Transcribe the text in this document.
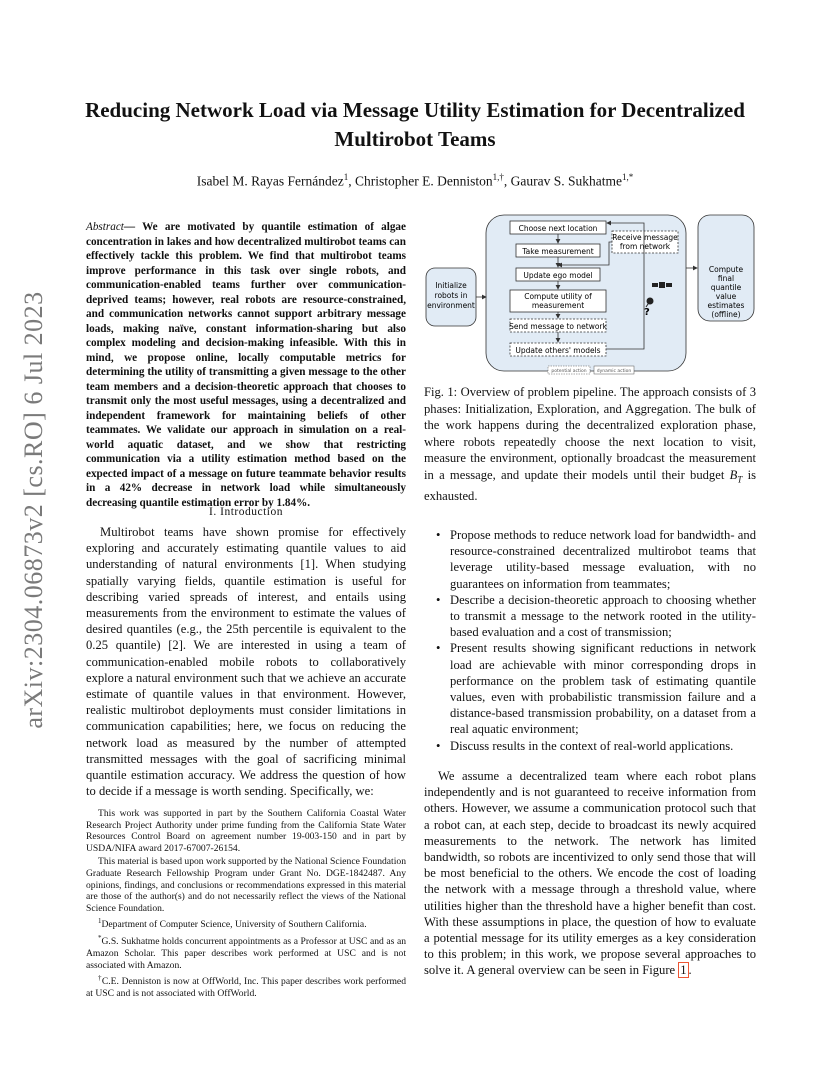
arXiv:2304.06873v2 [cs.RO] 6 Jul 2023
Reducing Network Load via Message Utility Estimation for Decentralized Multirobot Teams
Isabel M. Rayas Fernández$^1$, Christopher E. Denniston$^{1,\dagger}$, Gaurav S. Sukhatme$^{1,*}$
Abstract— We are motivated by quantile estimation of algae concentration in lakes and how decentralized multirobot teams can effectively tackle this problem. We find that multirobot teams improve performance in this task over single robots, and communication-enabled teams further over communication-deprived teams; however, real robots are resource-constrained, and communication networks cannot support arbitrary message loads, making naïve, constant information-sharing but also complex modeling and decision-making infeasible. With this in mind, we propose online, locally computable metrics for determining the utility of transmitting a given message to the other team members and a decision-theoretic approach that chooses to transmit only the most useful messages, using a decentralized and independent framework for maintaining beliefs of other teammates. We validate our approach in simulation on a real-world aquatic dataset, and we show that restricting communication via a utility estimation method based on the expected impact of a message on future teammate behavior results in a 42% decrease in network load while simultaneously decreasing quantile estimation error by 1.84%.
I. Introduction

Multirobot teams have shown promise for effectively exploring and accurately estimating quantile values to aid understanding of natural environments [1]. When studying spatially varying fields, quantile estimation is useful for describing varied spreads of interest, and entails using measurements from the environment to estimate the values of desired quantiles (e.g., the 25th percentile is equivalent to the 0.25 quantile) [2]. We are interested in using a team of communication-enabled mobile robots to collaboratively explore a natural environment such that we achieve an accurate estimate of quantile values in that environment. However, realistic multirobot deployments must consider limitations in communication capabilities; here, we focus on reducing the network load as measured by the number of attempted transmitted messages with the goal of sacrificing minimal quantile estimation accuracy. We address the question of how to decide if a message is worth sending. Specifically, we:

This work was supported in part by the Southern California Coastal Water Research Project Authority under prime funding from the California State Water Resources Control Board on agreement number 19-003-150 and in part by USDA/NIFA award 2017-67007-26154.

This material is based upon work supported by the National Science Foundation Graduate Research Fellowship Program under Grant No. DGE-1842487. Any opinions, findings, and conclusions or recommendations expressed in this material are those of the author(s) and do not necessarily reflect the views of the National Science Foundation.

$^1$Department of Computer Science, University of Southern California.

*G.S. Sukhatme holds concurrent appointments as a Professor at USC and as an Amazon Scholar. This paper describes work performed at USC and is not associated with Amazon.

†C.E. Denniston is now at OffWorld, Inc. This paper describes work performed at USC and is not associated with OffWorld.

Initialize
robots in
environment
Choose next location
Take measurement
Update ego model
Compute utility of
measurement
Send message to network
Update others' models
Receive message
from network
?
Compute
final
quantile
value
estimates
(offline)
potential action dynamic action
Fig. 1: Overview of problem pipeline. The approach consists of 3 phases: Initialization, Exploration, and Aggregation. The bulk of the work happens during the decentralized exploration phase, where robots repeatedly choose the next location to visit, measure the environment, optionally broadcast the measurement in a message, and update their models until their budget $B_T$ is exhausted.
• Propose methods to reduce network load for bandwidth- and resource-constrained decentralized multirobot teams that leverage utility-based message evaluation, with no guarantees on information from teammates;
• Describe a decision-theoretic approach to choosing whether to transmit a message to the network rooted in the utility-based evaluation and a cost of transmission;
• Present results showing significant reductions in network load are achievable with minor corresponding drops in performance on the problem task of estimating quantile values, even with probabilistic transmission failure and a distance-based transmission probability, on a dataset from a real aquatic environment;
• Discuss results in the context of real-world applications.

We assume a decentralized team where each robot plans independently and is not guaranteed to receive information from others. However, we assume a communication protocol such that a robot can, at each step, decide to broadcast its newly acquired measurements to the network. The network has limited bandwidth, so robots are incentivized to only send those that will be most beneficial to the others. We encode the cost of loading the network with a message through a threshold value, where utilities higher than the threshold have a higher benefit than cost. With these assumptions in place, the question of how to evaluate a potential message for its utility emerges as a key consideration to this problem; in this work, we propose several approaches to solve it. A general overview can be seen in Figure 1 .
